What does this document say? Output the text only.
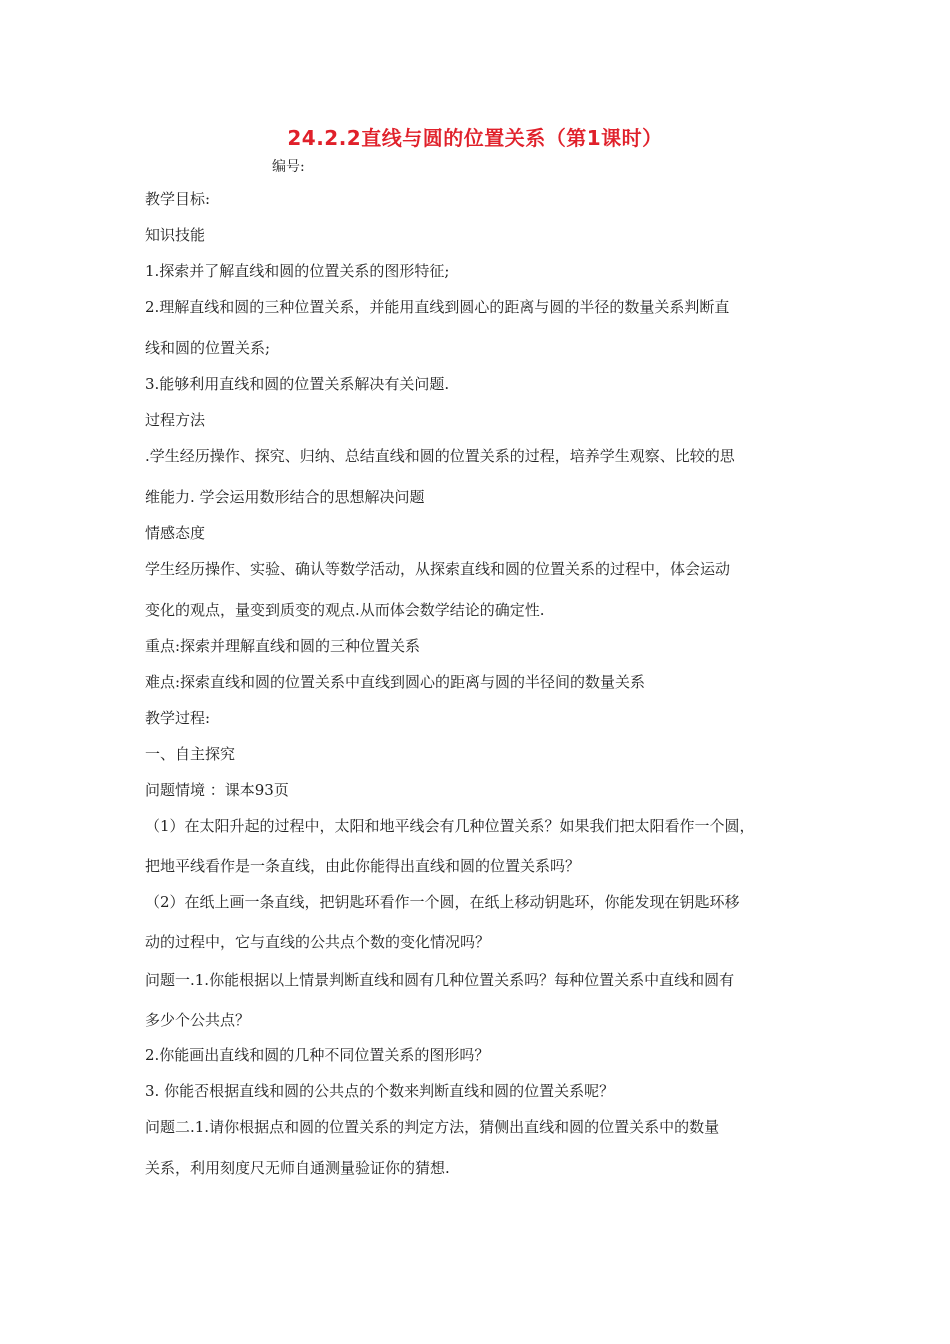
24.2.2直线与圆的位置关系（第1课时）
编号:
教学目标:
知识技能
1.探索并了解直线和圆的位置关系的图形特征;
2.理解直线和圆的三种位置关系，并能用直线到圆心的距离与圆的半径的数量关系判断直
线和圆的位置关系;
3.能够利用直线和圆的位置关系解决有关问题.
过程方法
.学生经历操作、探究、归纳、总结直线和圆的位置关系的过程，培养学生观察、比较的思
维能力. 学会运用数形结合的思想解决问题
情感态度
学生经历操作、实验、确认等数学活动，从探索直线和圆的位置关系的过程中，体会运动
变化的观点，量变到质变的观点.从而体会数学结论的确定性.
重点:探索并理解直线和圆的三种位置关系
难点:探索直线和圆的位置关系中直线到圆心的距离与圆的半径间的数量关系
教学过程:
一、自主探究
问题情境 ：课本93页
（1）在太阳升起的过程中，太阳和地平线会有几种位置关系？如果我们把太阳看作一个圆，
把地平线看作是一条直线，由此你能得出直线和圆的位置关系吗？
（2）在纸上画一条直线，把钥匙环看作一个圆，在纸上移动钥匙环，你能发现在钥匙环移
动的过程中，它与直线的公共点个数的变化情况吗？
问题一.1.你能根据以上情景判断直线和圆有几种位置关系吗？每种位置关系中直线和圆有
多少个公共点？
2.你能画出直线和圆的几种不同位置关系的图形吗？
3. 你能否根据直线和圆的公共点的个数来判断直线和圆的位置关系呢？
问题二.1.请你根据点和圆的位置关系的判定方法，猜侧出直线和圆的位置关系中的数量
关系，利用刻度尺无师自通测量验证你的猜想.
